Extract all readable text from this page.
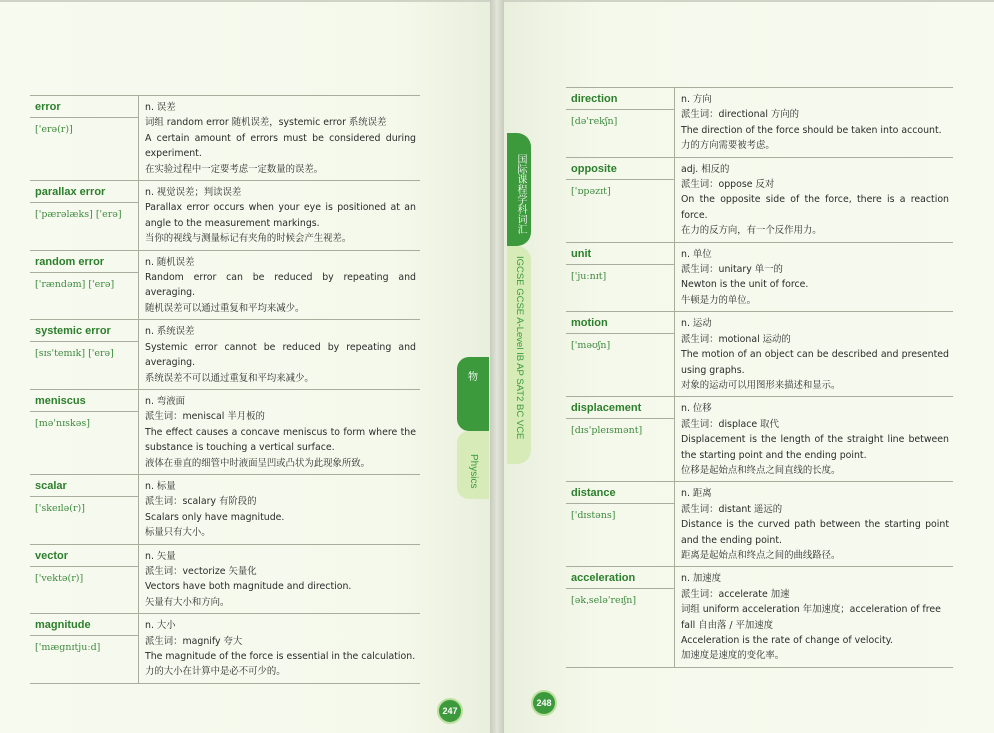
error
['erə(r)]
n. 误差
词组 random error 随机误差，systemic error 系统误差
A certain amount of errors must be considered during experiment.
在实验过程中一定要考虑一定数量的误差。
parallax error
['pærəlæks] ['erə]
n. 视觉误差；判读误差
Parallax error occurs when your eye is positioned at an angle to the measurement markings.
当你的视线与测量标记有夹角的时候会产生视差。
random error
['rændəm] ['erə]
n. 随机误差
Random error can be reduced by repeating and averaging.
随机误差可以通过重复和平均来减少。
systemic error
[sɪs'temɪk] ['erə]
n. 系统误差
Systemic error cannot be reduced by repeating and averaging.
系统误差不可以通过重复和平均来减少。
meniscus
[mə'nɪskəs]
n. 弯液面
派生词：meniscal 半月板的
The effect causes a concave meniscus to form where the substance is touching a vertical surface.
液体在垂直的细管中时液面呈凹或凸状为此现象所致。
scalar
['skeɪlə(r)]
n. 标量
派生词：scalary 有阶段的
Scalars only have magnitude.
标量只有大小。
vector
['vektə(r)]
n. 矢量
派生词：vectorize 矢量化
Vectors have both magnitude and direction.
矢量有大小和方向。
magnitude
['mægnɪtjuːd]
n. 大小
派生词：magnify 夸大
The magnitude of the force is essential in the calculation.
力的大小在计算中是必不可少的。
direction
[də'rekʃn]
n. 方向
派生词：directional 方向的
The direction of the force should be taken into account.
力的方向需要被考虑。
opposite
['ɒpəzɪt]
adj. 相反的
派生词：oppose 反对
On the opposite side of the force, there is a reaction force.
在力的反方向，有一个反作用力。
unit
['juːnɪt]
n. 单位
派生词：unitary 单一的
Newton is the unit of force.
牛顿是力的单位。
motion
['məʊʃn]
n. 运动
派生词：motional 运动的
The motion of an object can be described and presented using graphs.
对象的运动可以用图形来描述和显示。
displacement
[dɪs'pleɪsmənt]
n. 位移
派生词：displace 取代
Displacement is the length of the straight line between the starting point and the ending point.
位移是起始点和终点之间直线的长度。
distance
['dɪstəns]
n. 距离
派生词：distant 遥远的
Distance is the curved path between the starting point and the ending point.
距离是起始点和终点之间的曲线路径。
acceleration
[əkˌselə'reɪʃn]
n. 加速度
派生词：accelerate 加速
词组 uniform acceleration 年加速度；acceleration of free fall 自由落 / 平加速度
Acceleration is the rate of change of velocity.
加速度是速度的变化率。
物

Physics
国际课程学科词汇
IGCSE GCSE A-Level IB AP SAT2 BC VCE
247
248
